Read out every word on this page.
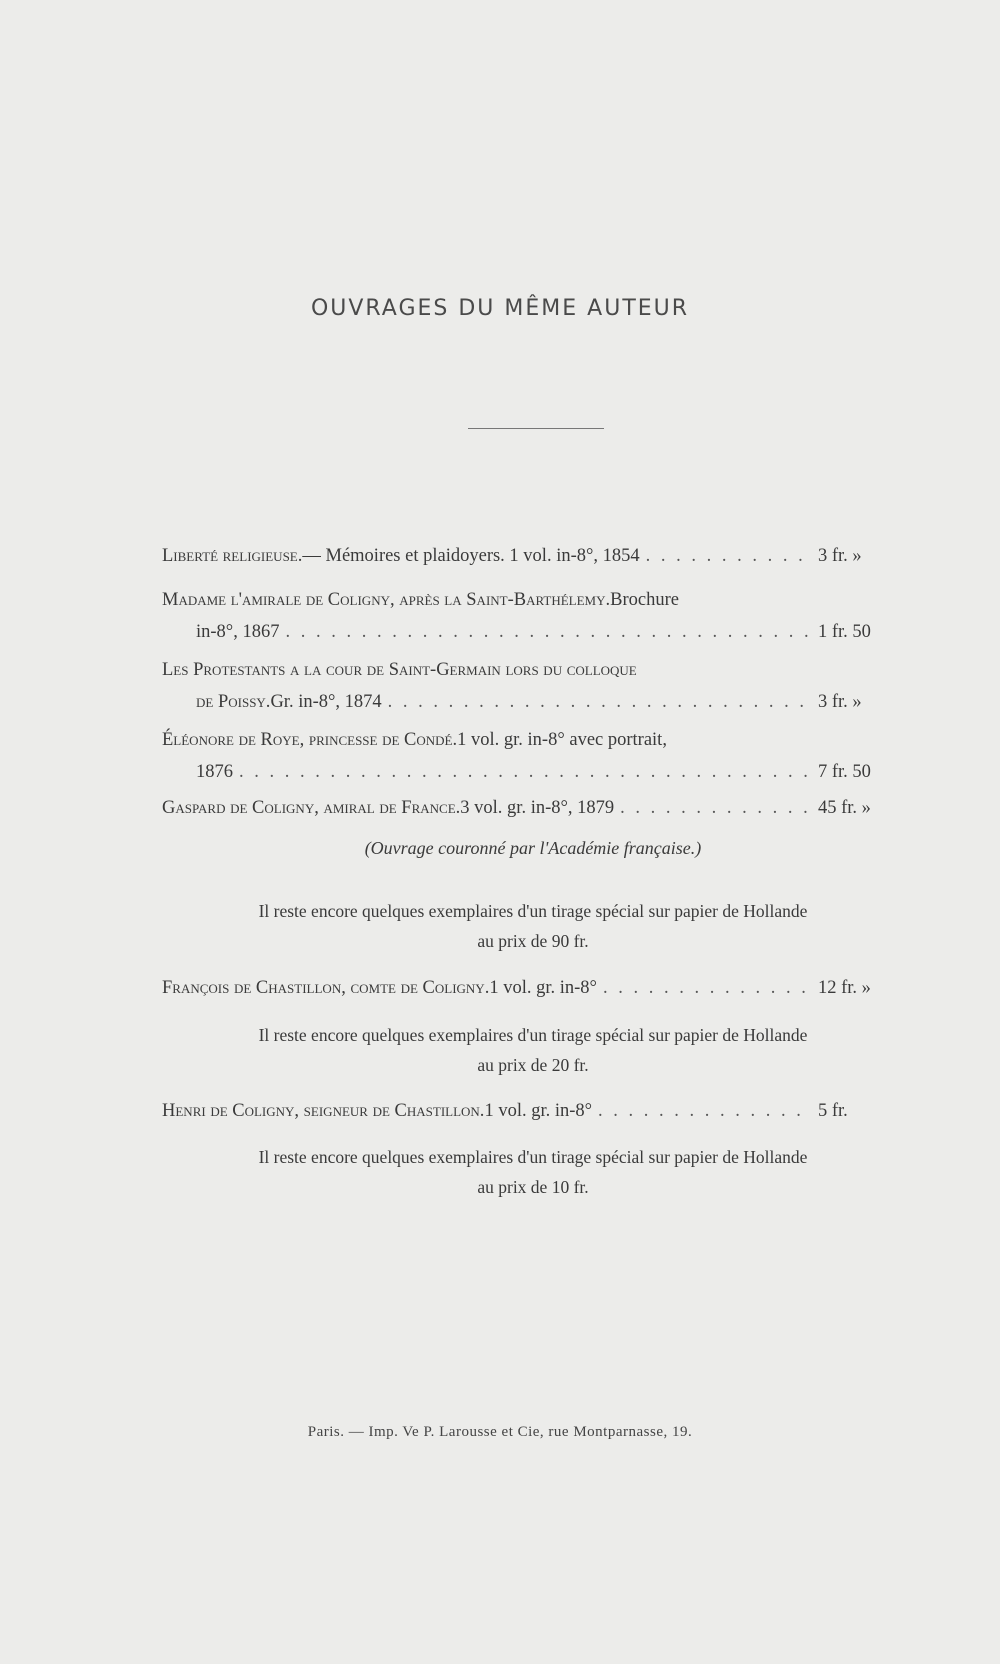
OUVRAGES DU MÊME AUTEUR
Liberté religieuse. — Mémoires et plaidoyers. 1 vol. in-8°, 1854 . . .	3 fr. »
Madame l'amirale de Coligny, après la Saint-Barthélemy. Brochure
in-8°, 1867 . . .	1 fr. 50
Les Protestants a la cour de Saint-Germain lors du colloque
de Poissy. Gr. in-8°, 1874 . . .	3 fr. »
Éléonore de Roye, princesse de Condé. 1 vol. gr. in-8° avec portrait,
1876 . . .	7 fr. 50
Gaspard de Coligny, amiral de France. 3 vol. gr. in-8°, 1879 . . .	45 fr. »
(Ouvrage couronné par l'Académie française.)
Il reste encore quelques exemplaires d'un tirage spécial sur papier de Hollande
au prix de 90 fr.
François de Chastillon, comte de Coligny. 1 vol. gr. in-8° . . .	12 fr. »
Il reste encore quelques exemplaires d'un tirage spécial sur papier de Hollande
au prix de 20 fr.
Henri de Coligny, seigneur de Chastillon. 1 vol. gr. in-8° . . .	5 fr.
Il reste encore quelques exemplaires d'un tirage spécial sur papier de Hollande
au prix de 10 fr.
Paris. — Imp. Ve P. Larousse et Cie, rue Montparnasse, 19.
